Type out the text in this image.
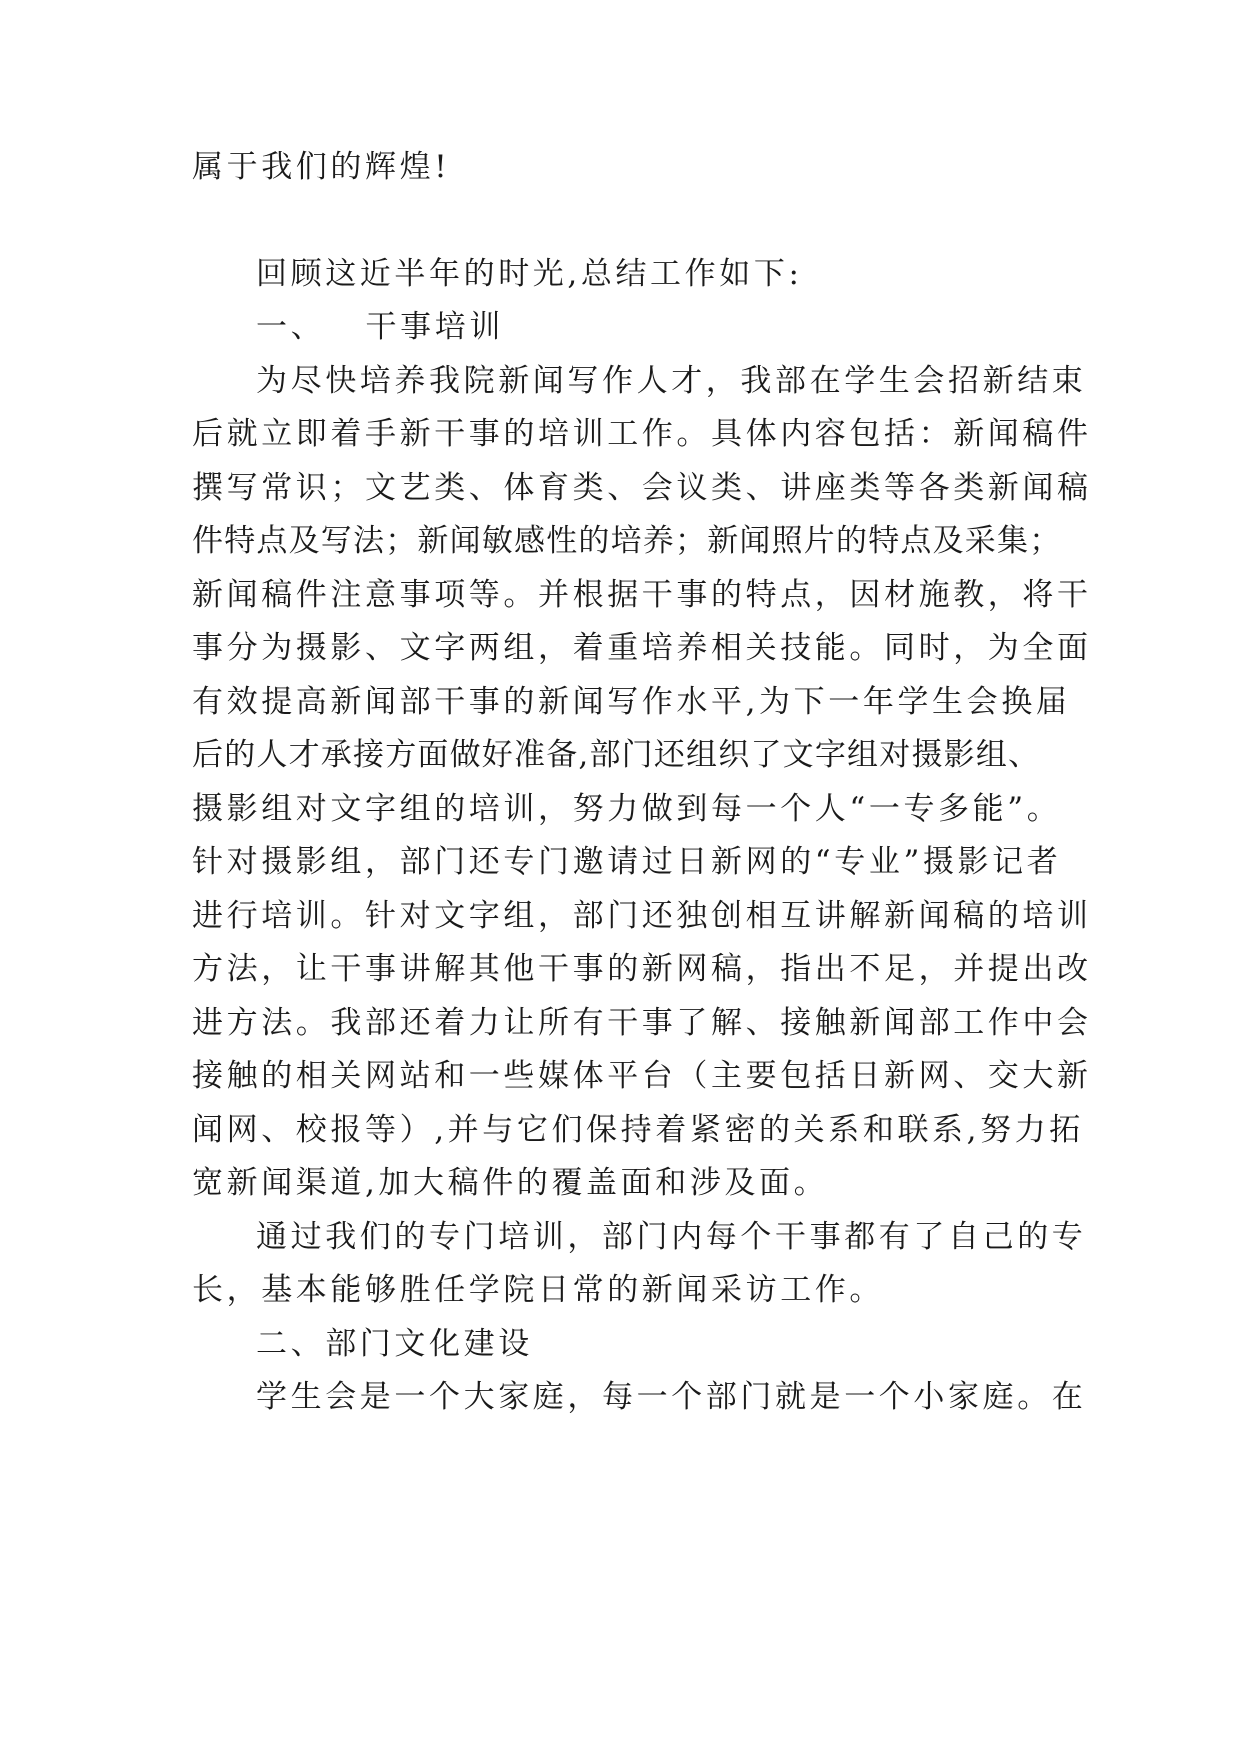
属于我们的辉煌!
回顾这近半年的时光,总结工作如下:
一、   干事培训
为尽快培养我院新闻写作人才，我部在学生会招新结束
后就立即着手新干事的培训工作。具体内容包括：新闻稿件
撰写常识；文艺类、体育类、会议类、讲座类等各类新闻稿
件特点及写法；新闻敏感性的培养；新闻照片的特点及采集；
新闻稿件注意事项等。并根据干事的特点，因材施教，将干
事分为摄影、文字两组，着重培养相关技能。同时，为全面
有效提高新闻部干事的新闻写作水平,为下一年学生会换届
后的人才承接方面做好准备,部门还组织了文字组对摄影组、
摄影组对文字组的培训，努力做到每一个人“一专多能”。
针对摄影组，部门还专门邀请过日新网的“专业”摄影记者
进行培训。针对文字组，部门还独创相互讲解新闻稿的培训
方法，让干事讲解其他干事的新网稿，指出不足，并提出改
进方法。我部还着力让所有干事了解、接触新闻部工作中会
接触的相关网站和一些媒体平台（主要包括日新网、交大新
闻网、校报等）,并与它们保持着紧密的关系和联系,努力拓
宽新闻渠道,加大稿件的覆盖面和涉及面。
通过我们的专门培训，部门内每个干事都有了自己的专
长，基本能够胜任学院日常的新闻采访工作。
二、部门文化建设
学生会是一个大家庭，每一个部门就是一个小家庭。在
